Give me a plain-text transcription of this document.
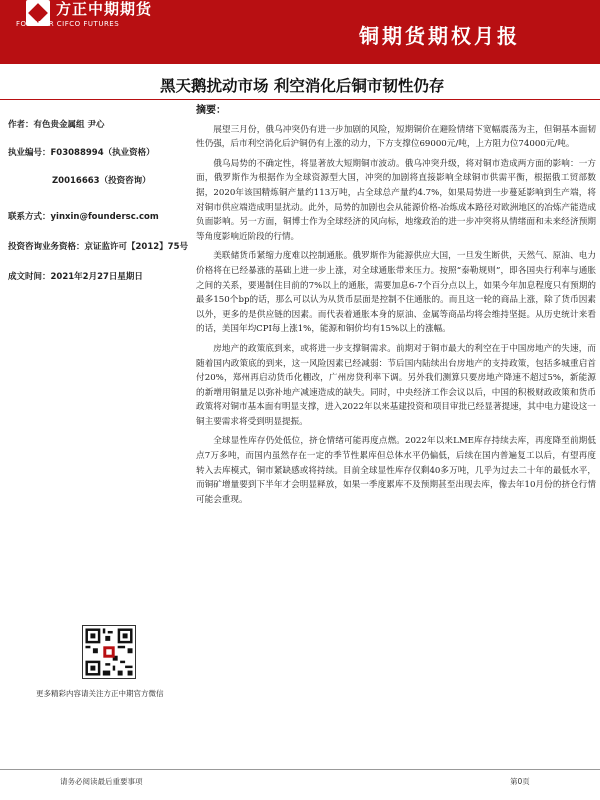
方正中期期货
FOUNDER CIFCO FUTURES	铜期货期权月报
黑天鹅扰动市场 利空消化后铜市韧性仍存
作者：有色贵金属组 尹心
执业编号：F03088994（执业资格）
Z0016663（投资咨询）
联系方式：yinxin@foundersc.com
投资咨询业务资格：京证监许可【2012】75号
成文时间：2021年2月27日星期日
更多精彩内容请关注方正中期官方微信
摘要：

展望三月份，俄乌冲突仍有进一步加剧的风险，短期铜价在避险情绪下宽幅震荡为主，但铜基本面韧性仍强，后市利空消化后沪铜仍有上涨的动力，下方支撑位69000元/吨，上方阻力位74000元/吨。

俄乌局势的不确定性，将显著放大短期铜市波动。俄乌冲突升级，将对铜市造成两方面的影响：一方面，俄罗斯作为根据作为全球资源型大国，冲突的加剧将直接影响全球铜市供需平衡，根据俄工贸部数据，2020年该国精炼铜产量约113万吨，占全球总产量约4.7%，如果局势进一步蔓延影响到生产端，将对铜市供应端造成明显扰动。此外，局势的加剧也会从能源价格-冶炼成本路径对欧洲地区的冶炼产能造成负面影响。另一方面，铜博士作为全球经济的风向标，地缘政治的进一步冲突将从情绪面和未来经济预期等角度影响近阶段的行情。

美联储货币紧缩力度难以控制通胀。俄罗斯作为能源供应大国，一旦发生断供，天然气、原油、电力价格将在已经暴涨的基础上进一步上涨，对全球通胀带来压力。按照“泰勒规则”，即各国央行利率与通胀之间的关系，要遏制住目前的7%以上的通胀，需要加息6-7个百分点以上，如果今年加息程度只有预期的最多150个bp的话，那么可以认为从货币层面是控制不住通胀的。而且这一轮的商品上涨，除了货币因素以外，更多的是供应链的因素。而代表着通胀本身的原油、金属等商品均将会维持坚挺。从历史统计来看的话，美国年均CPI每上涨1%，能源和铜价均有15%以上的涨幅。

房地产的政策底到来，或将进一步支撑铜需求。前期对于铜市最大的利空在于中国房地产的失速，而随着国内政策底的到来，这一风险因素已经减弱：节后国内陆续出台房地产的支持政策，包括多城重启首付20%，郑州再启动货币化棚改，广州房贷利率下调。另外我们测算只要房地产降速不超过5%，新能源的新增用铜量足以弥补地产减速造成的缺失。同时，中央经济工作会议以后，中国的积极财政政策和货币政策将对铜市基本面有明显支撑，进入2022年以来基建投资和项目审批已经显著提速，其中电力建设这一铜主要需求将受到明显提振。

全球显性库存仍处低位，挤仓情绪可能再度点燃。2022年以来LME库存持续去库，再度降至前期低点7万多吨，而国内虽然存在一定的季节性累库但总体水平仍偏低，后续在国内普遍复工以后，有望再度转入去库模式，铜市紧缺感或将持续。目前全球显性库存仅剩40多万吨，几乎为过去二十年的最低水平，而铜矿增量要到下半年才会明显释放，如果一季度累库不及预期甚至出现去库，像去年10月份的挤仓行情可能会重现。

请务必阅读最后重要事项	第0页
